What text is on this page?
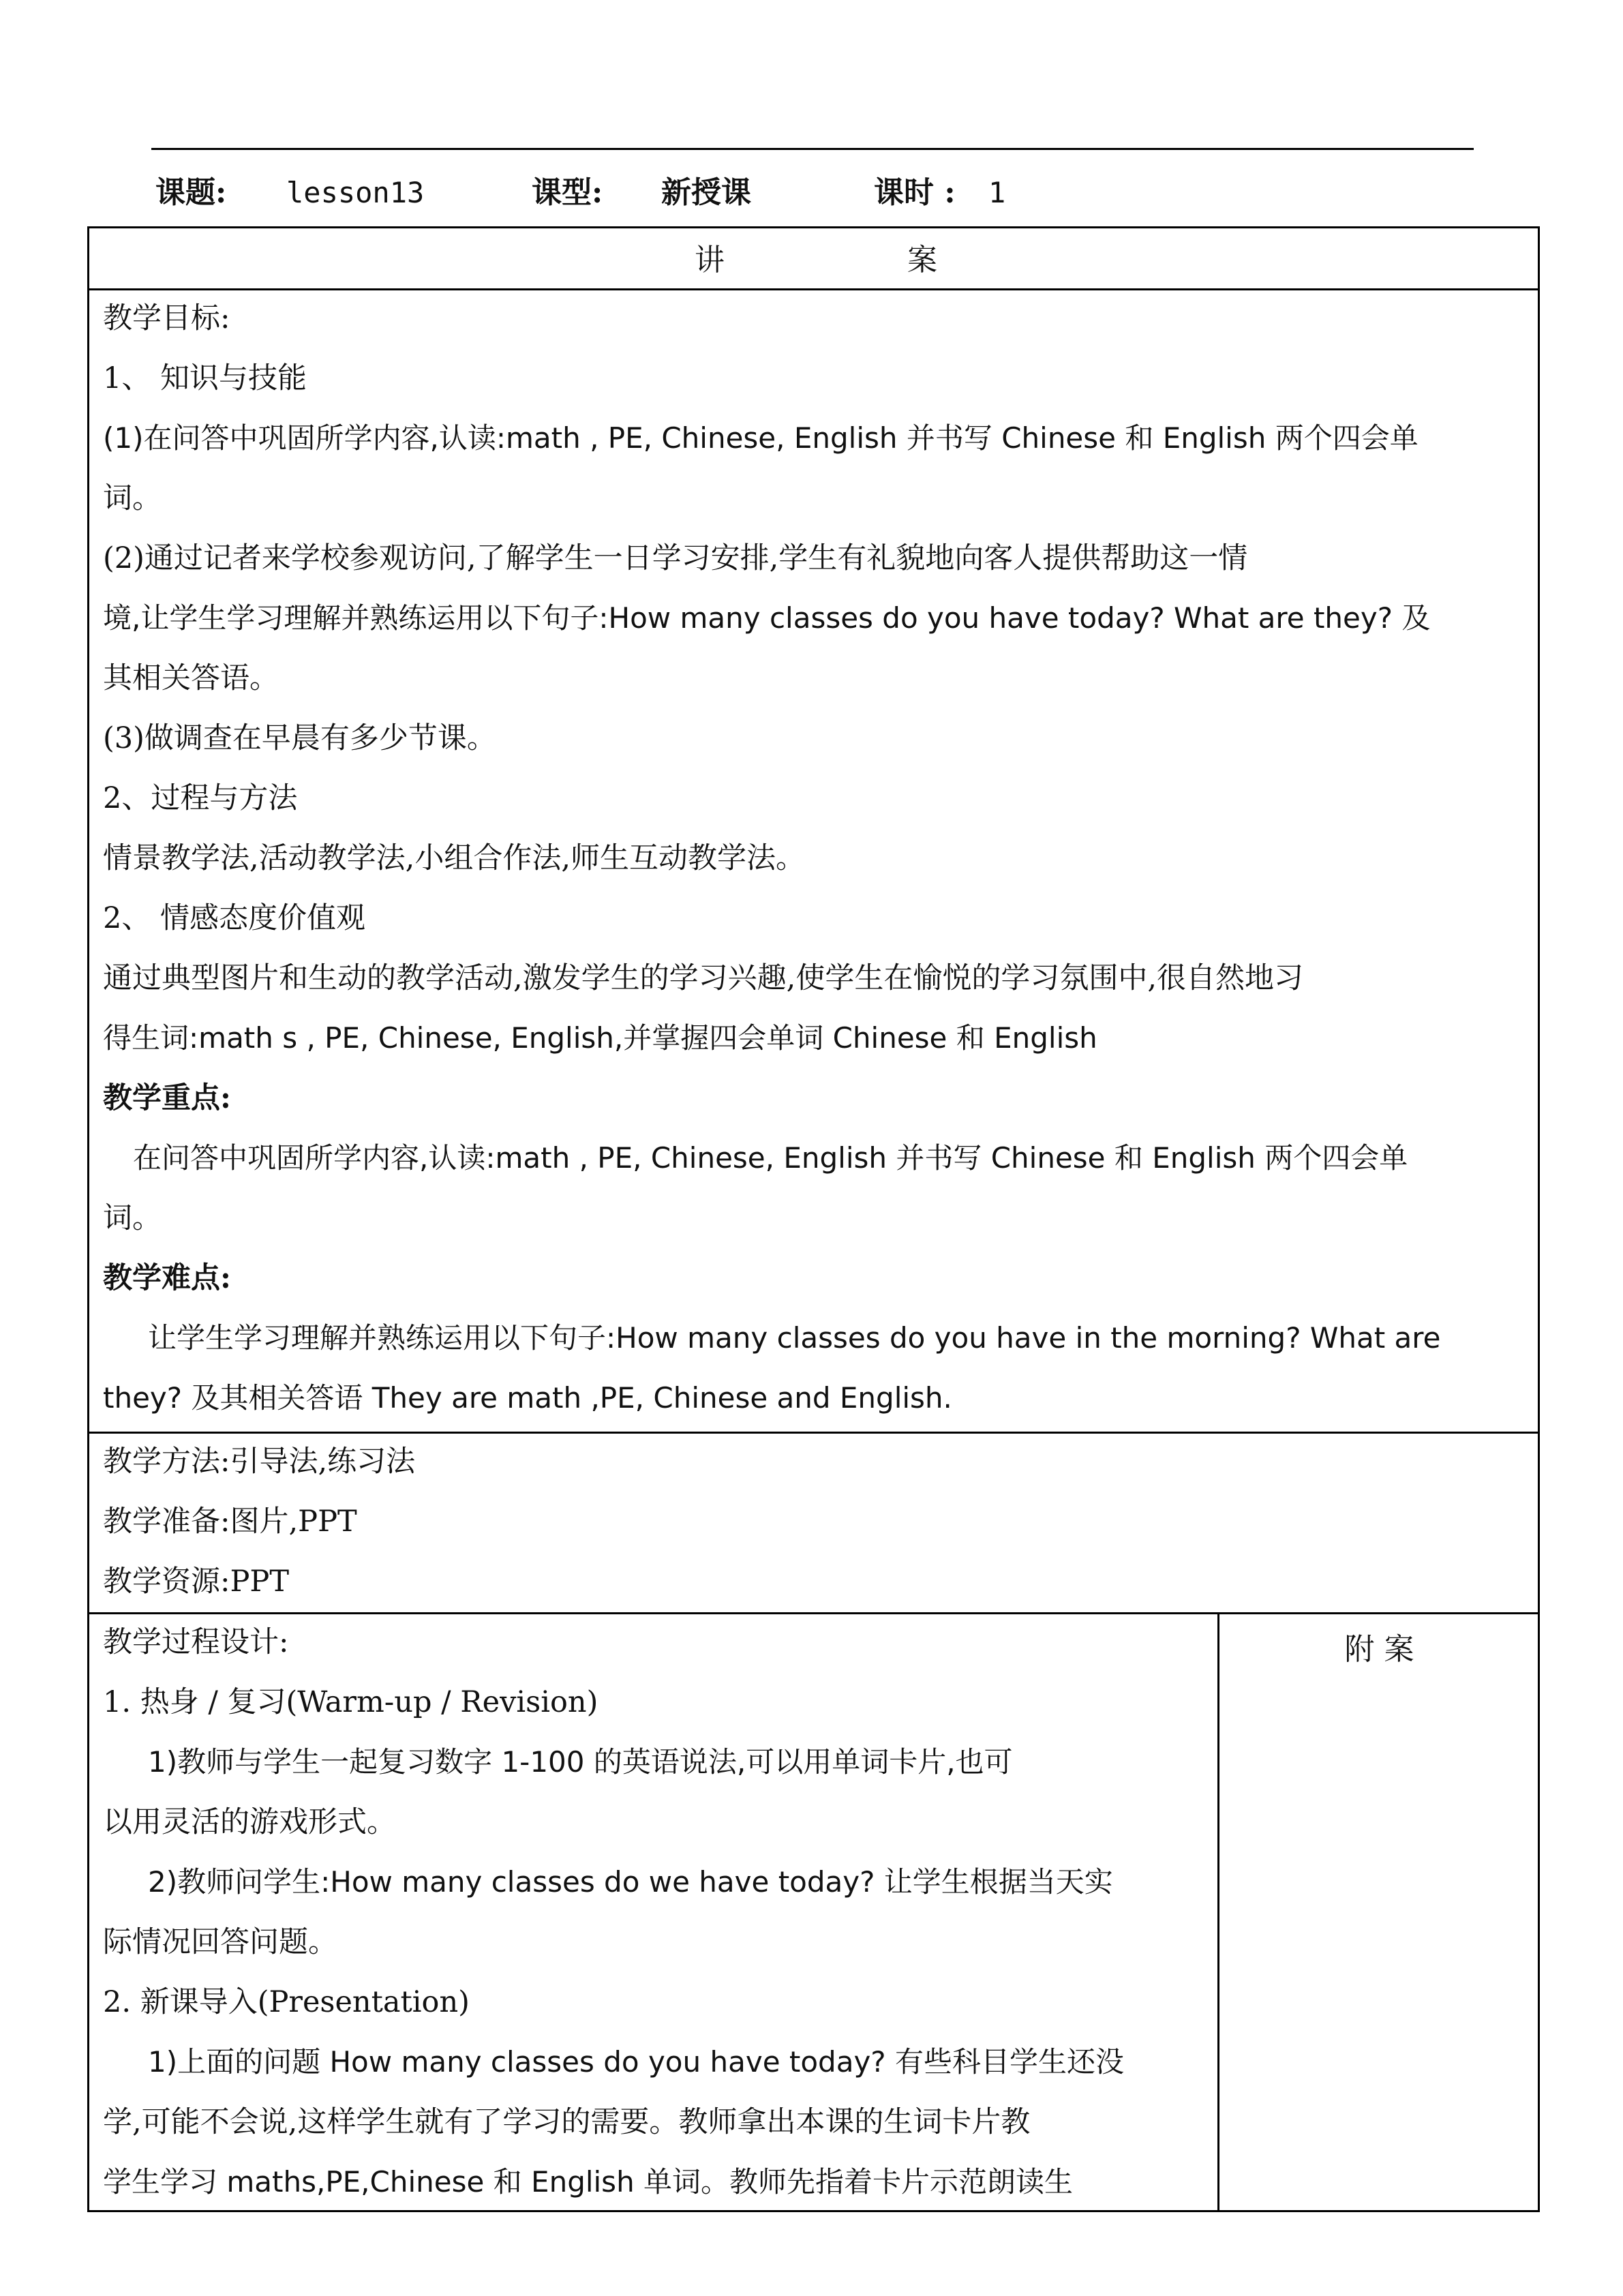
课题: lesson13	课型: 新授课	课时 : 1
讲	案
教学目标:
1、 知识与技能
(1)在问答中巩固所学内容,认读:math , PE, Chinese, English 并书写 Chinese 和 English 两个四会单
词。
(2)通过记者来学校参观访问,了解学生一日学习安排,学生有礼貌地向客人提供帮助这一情
境,让学生学习理解并熟练运用以下句子:How many classes do you have today? What are they? 及
其相关答语。
(3)做调查在早晨有多少节课。
2、过程与方法
情景教学法,活动教学法,小组合作法,师生互动教学法。
2、 情感态度价值观
通过典型图片和生动的教学活动,激发学生的学习兴趣,使学生在愉悦的学习氛围中,很自然地习
得生词:math s , PE, Chinese, English,并掌握四会单词 Chinese 和 English
教学重点:
在问答中巩固所学内容,认读:math , PE, Chinese, English 并书写 Chinese 和 English 两个四会单
词。
教学难点:
让学生学习理解并熟练运用以下句子:How many classes do you have in the morning? What are
they? 及其相关答语 They are math ,PE, Chinese and English.
教学方法:引导法,练习法
教学准备:图片,PPT
教学资源:PPT
教学过程设计:
1. 热身 / 复习(Warm-up / Revision)
1)教师与学生一起复习数字 1-100 的英语说法,可以用单词卡片,也可
以用灵活的游戏形式。
2)教师问学生:How many classes do we have today? 让学生根据当天实
际情况回答问题。
2. 新课导入(Presentation)
1)上面的问题 How many classes do you have today? 有些科目学生还没
学,可能不会说,这样学生就有了学习的需要。教师拿出本课的生词卡片教
学生学习 maths,PE,Chinese 和 English 单词。教师先指着卡片示范朗读生
附 案
